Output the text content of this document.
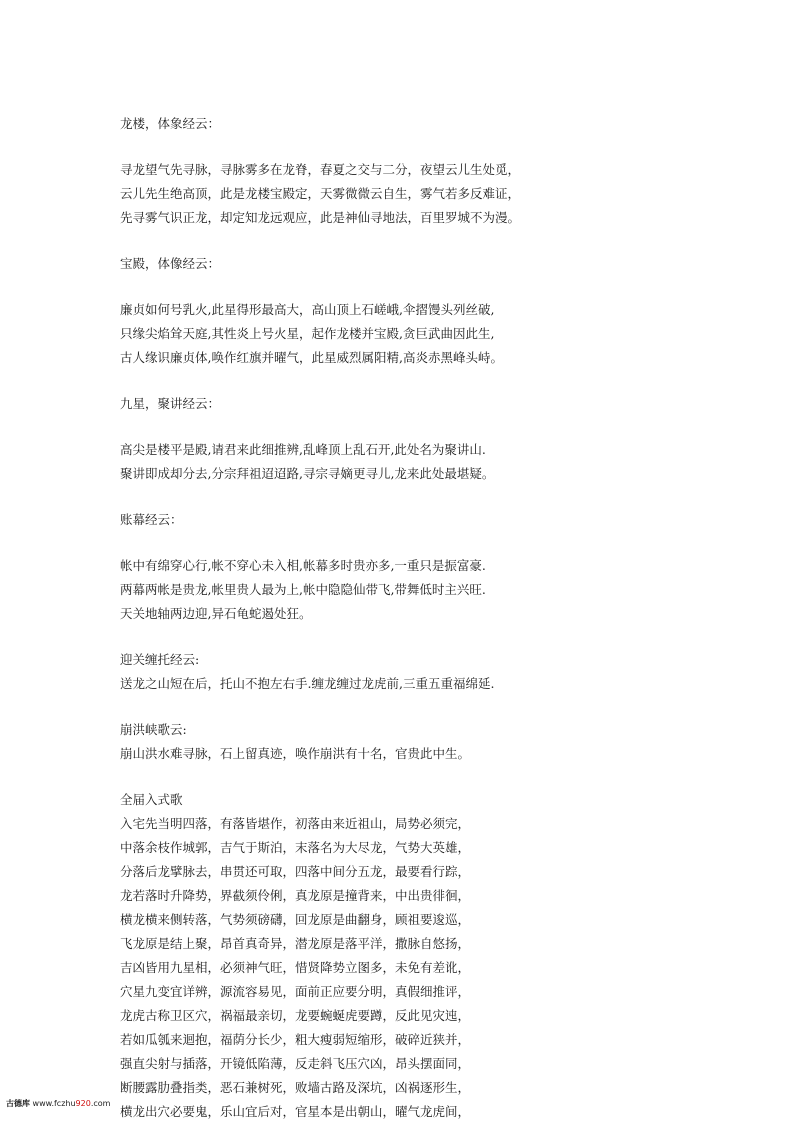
龙楼，体象经云：
寻龙望气先寻脉，寻脉雾多在龙脊，春夏之交与二分，夜望云儿生处觅，
云儿先生绝高顶，此是龙楼宝殿定，天雾微微云自生，雾气若多反难证，
先寻雾气识正龙，却定知龙远观应，此是神仙寻地法，百里罗城不为漫。
宝殿，体像经云：
廉贞如何号乳火,此星得形最高大，高山顶上石嵯峨,伞摺馒头列丝破,
只缘尖焰耸天庭,其性炎上号火星，起作龙楼并宝殿,贪巨武曲因此生,
古人缘识廉贞体,唤作红旗并曜气，此星威烈属阳精,高炎赤黑峰头峙。
九星，聚讲经云：
高尖是楼平是殿,请君来此细推辨,乱峰顶上乱石开,此处名为聚讲山.
聚讲即成却分去,分宗拜祖迢迢路,寻宗寻嫡更寻儿,龙来此处最堪疑。
账幕经云：
帐中有绵穿心行,帐不穿心未入相,帐幕多时贵亦多,一重只是振富豪.
两幕两帐是贵龙,帐里贵人最为上,帐中隐隐仙带飞,带舞低时主兴旺.
天关地轴两边迎,异石龟蛇遏处狂。
迎关缠托经云:
送龙之山短在后，托山不抱左右手.缠龙缠过龙虎前,三重五重福绵延.
崩洪峡歌云:
崩山洪水难寻脉，石上留真迹，唤作崩洪有十名，官贵此中生。
全届入式歌
入宅先当明四落，有落皆堪作，初落由来近祖山，局势必须完，
中落余枝作城郭，吉气于斯泊，末落名为大尽龙，气势大英雄，
分落后龙擘脉去，串贯还可取，四落中间分五龙，最要看行踪，
龙若落时升降势，界截须伶俐，真龙原是撞背来，中出贵徘徊，
横龙横来侧转落，气势须磅礴，回龙原是曲翻身，顾祖要逡巡，
飞龙原是结上聚，昂首真奇异，潜龙原是落平洋，撒脉自悠扬，
吉凶皆用九星相，必须神气旺，惜贤降势立图多，未免有差讹，
穴星九变宜详辨，源流容易见，面前正应要分明，真假细推评，
龙虎古称卫区穴，祸福最亲切，龙要蜿蜒虎要蹲，反此见灾迍，
若如瓜瓠来迴抱，福荫分长少，粗大瘦弱短缩形，破碎近狭并，
强直尖射与插落，开镜低陷薄，反走斜飞压穴凶，昂头摆面同，
断腰露肋叠指类，恶石兼树死，败墙古路及深坑，凶祸逐形生，
横龙出穴必要鬼，乐山宜后对，官星本是出朝山，曜气龙虎间，
古德库 www.fczhu920.com
